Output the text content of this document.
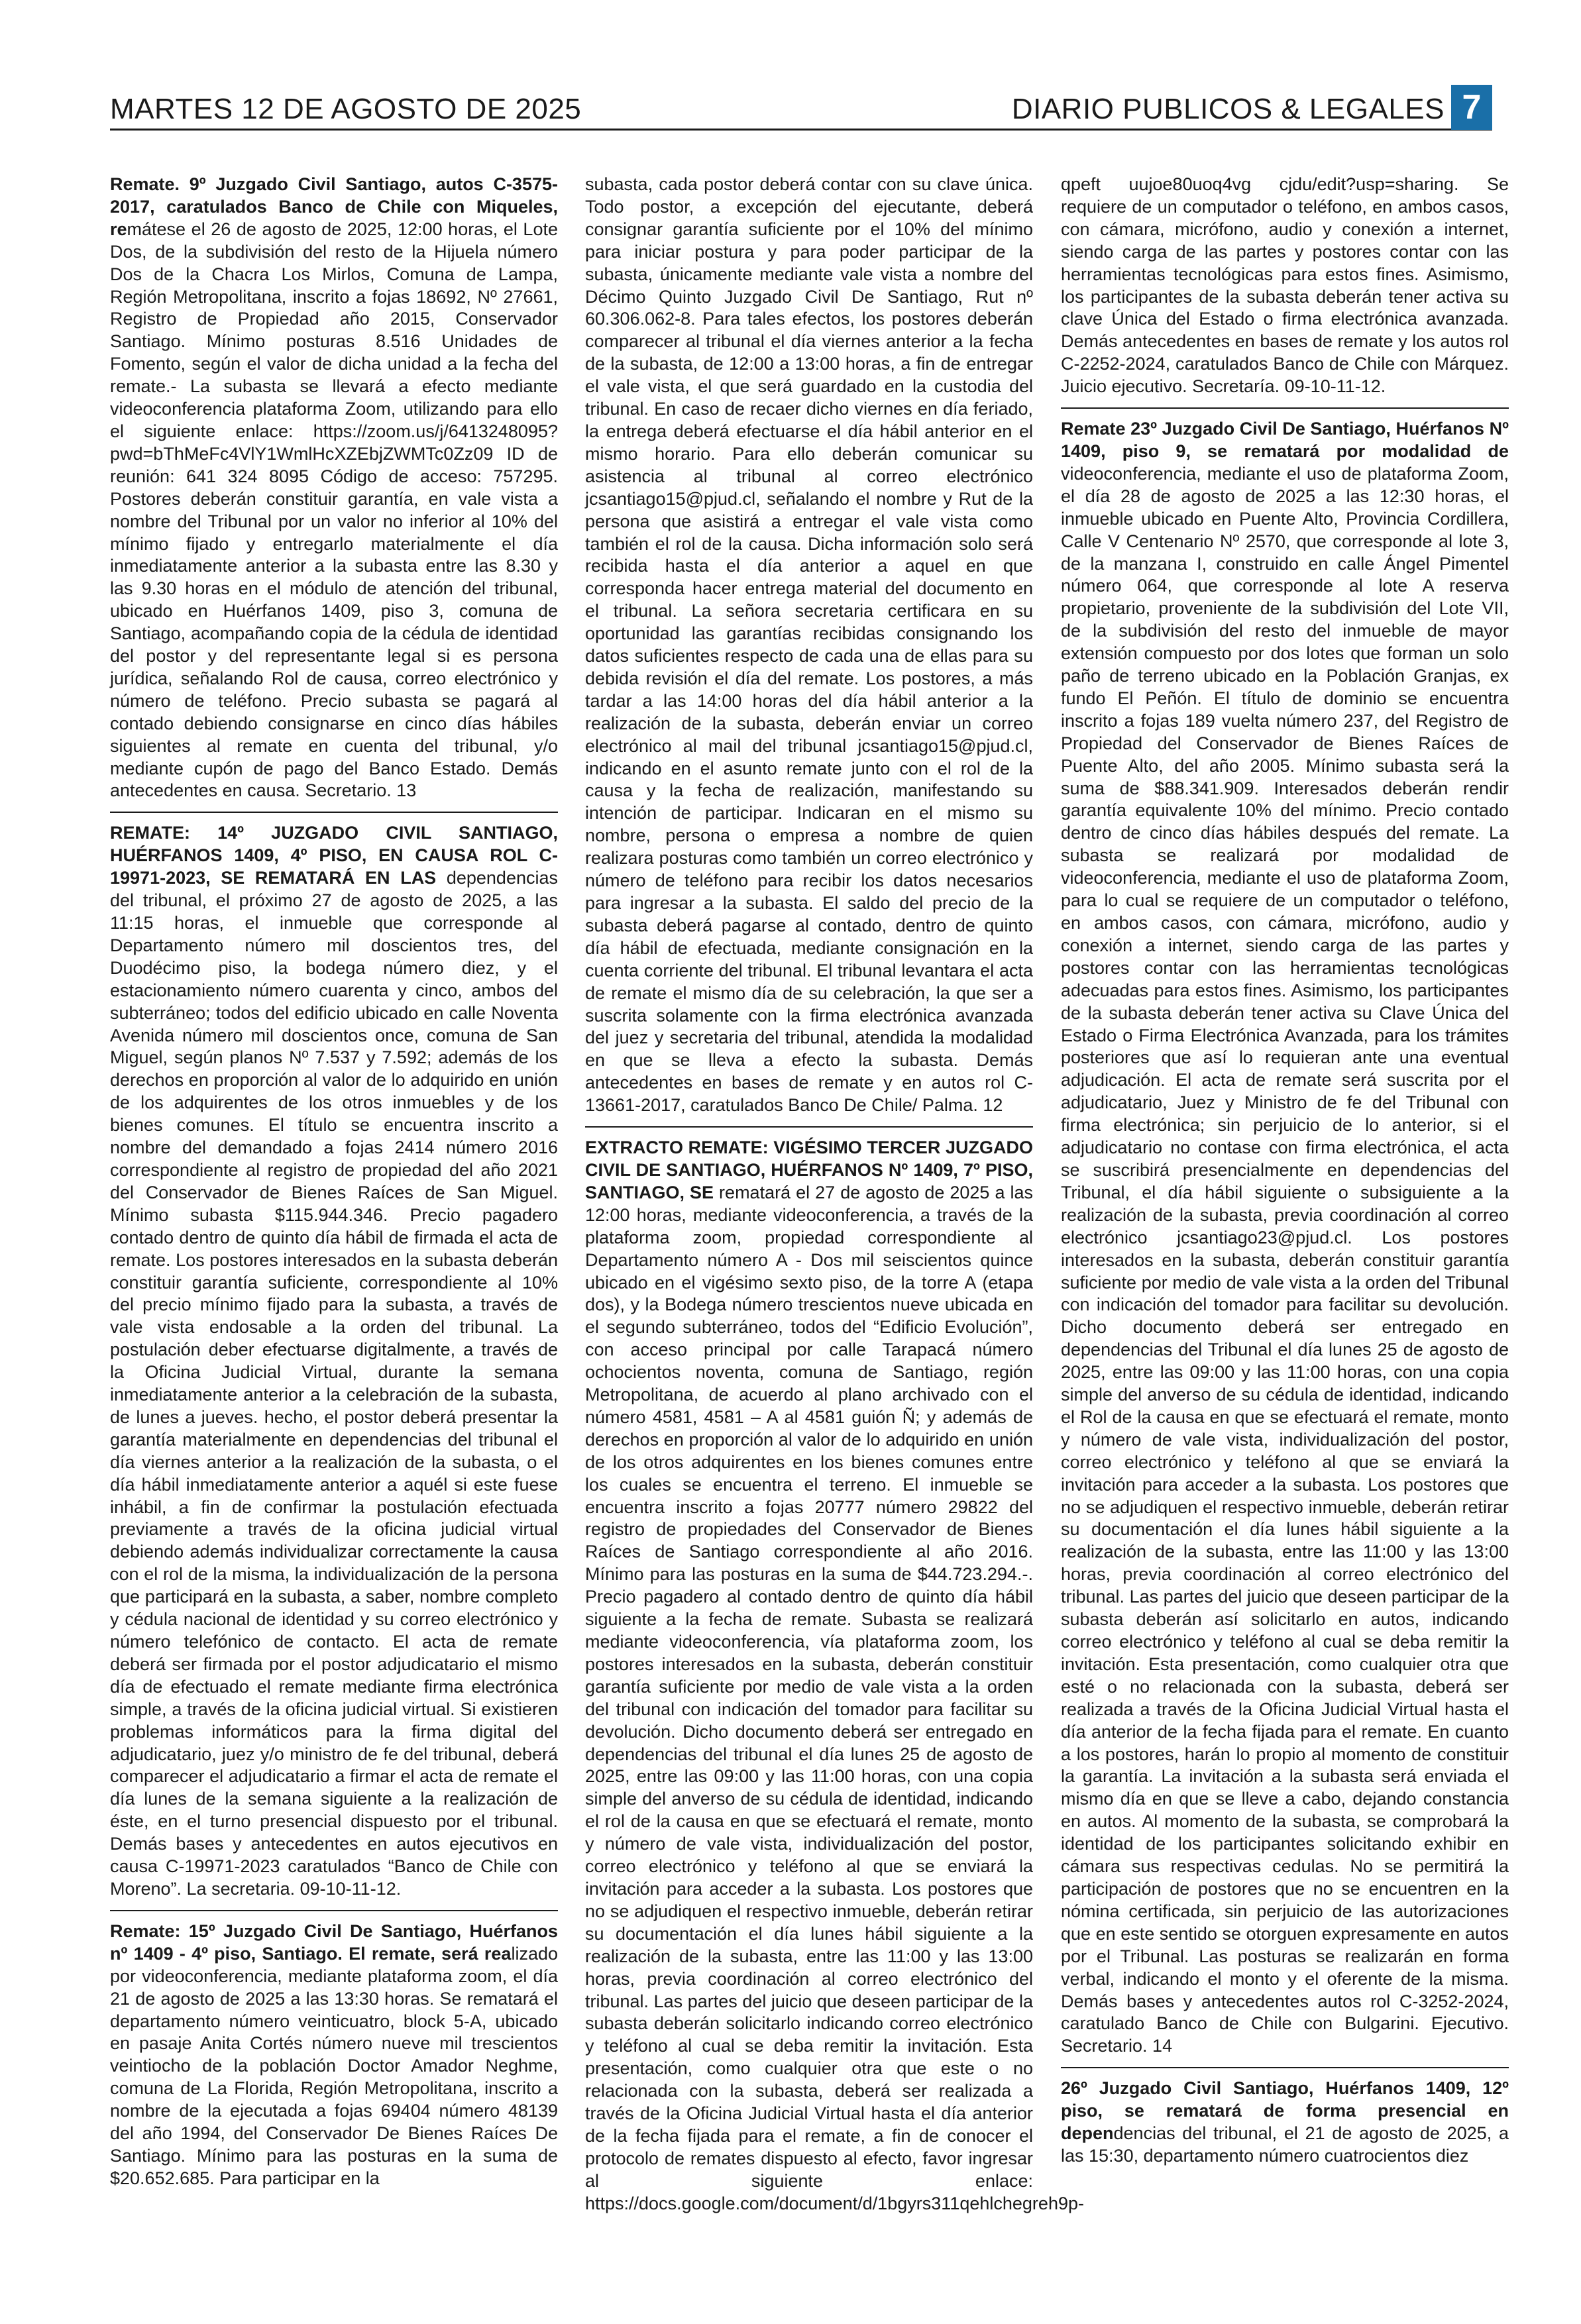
MARTES 12 DE AGOSTO DE 2025	DIARIO PUBLICOS & LEGALES 7

Remate. 9º Juzgado Civil Santiago, autos C-3575-2017, caratulados Banco de Chile con Miqueles, remátese el 26 de agosto de 2025, 12:00 horas, el Lote Dos, de la subdivisión del resto de la Hijuela número Dos de la Chacra Los Mirlos, Comuna de Lampa, Región Metropolitana, inscrito a fojas 18692, Nº 27661, Registro de Propiedad año 2015, Conservador Santiago. Mínimo posturas 8.516 Unidades de Fomento, según el valor de dicha unidad a la fecha del remate.- La subasta se llevará a efecto mediante videoconferencia plataforma Zoom, utilizando para ello el siguiente enlace: https://zoom.us/j/6413248095?pwd=bThMeFc4VlY1WmlHcXZEbjZWMTc0Zz09 ID de reunión: 641 324 8095 Código de acceso: 757295. Postores deberán constituir garantía, en vale vista a nombre del Tribunal por un valor no inferior al 10% del mínimo fijado y entregarlo materialmente el día inmediatamente anterior a la subasta entre las 8.30 y las 9.30 horas en el módulo de atención del tribunal, ubicado en Huérfanos 1409, piso 3, comuna de Santiago, acompañando copia de la cédula de identidad del postor y del representante legal si es persona jurídica, señalando Rol de causa, correo electrónico y número de teléfono. Precio subasta se pagará al contado debiendo consignarse en cinco días hábiles siguientes al remate en cuenta del tribunal, y/o mediante cupón de pago del Banco Estado. Demás antecedentes en causa. Secretario. 13

REMATE: 14º JUZGADO CIVIL SANTIAGO, HUÉRFANOS 1409, 4º PISO, EN CAUSA ROL C-19971-2023, SE REMATARÁ EN LAS dependencias del tribunal, el próximo 27 de agosto de 2025, a las 11:15 horas, el inmueble que corresponde al Departamento número mil doscientos tres, del Duodécimo piso, la bodega número diez, y el estacionamiento número cuarenta y cinco, ambos del subterráneo; todos del edificio ubicado en calle Noventa Avenida número mil doscientos once, comuna de San Miguel, según planos Nº 7.537 y 7.592; además de los derechos en proporción al valor de lo adquirido en unión de los adquirentes de los otros inmuebles y de los bienes comunes. El título se encuentra inscrito a nombre del demandado a fojas 2414 número 2016 correspondiente al registro de propiedad del año 2021 del Conservador de Bienes Raíces de San Miguel. Mínimo subasta $115.944.346. Precio pagadero contado dentro de quinto día hábil de firmada el acta de remate. Los postores interesados en la subasta deberán constituir garantía suficiente, correspondiente al 10% del precio mínimo fijado para la subasta, a través de vale vista endosable a la orden del tribunal. La postulación deber efectuarse digitalmente, a través de la Oficina Judicial Virtual, durante la semana inmediatamente anterior a la celebración de la subasta, de lunes a jueves. hecho, el postor deberá presentar la garantía materialmente en dependencias del tribunal el día viernes anterior a la realización de la subasta, o el día hábil inmediatamente anterior a aquél si este fuese inhábil, a fin de confirmar la postulación efectuada previamente a través de la oficina judicial virtual debiendo además individualizar correctamente la causa con el rol de la misma, la individualización de la persona que participará en la subasta, a saber, nombre completo y cédula nacional de identidad y su correo electrónico y número telefónico de contacto. El acta de remate deberá ser firmada por el postor adjudicatario el mismo día de efectuado el remate mediante firma electrónica simple, a través de la oficina judicial virtual. Si existieren problemas informáticos para la firma digital del adjudicatario, juez y/o ministro de fe del tribunal, deberá comparecer el adjudicatario a firmar el acta de remate el día lunes de la semana siguiente a la realización de éste, en el turno presencial dispuesto por el tribunal. Demás bases y antecedentes en autos ejecutivos en causa C-19971-2023 caratulados “Banco de Chile con Moreno”. La secretaria. 09-10-11-12.

Remate: 15º Juzgado Civil De Santiago, Huérfanos nº 1409 - 4º piso, Santiago. El remate, será realizado por videoconferencia, mediante plataforma zoom, el día 21 de agosto de 2025 a las 13:30 horas. Se rematará el departamento número veinticuatro, block 5-A, ubicado en pasaje Anita Cortés número nueve mil trescientos veintiocho de la población Doctor Amador Neghme, comuna de La Florida, Región Metropolitana, inscrito a nombre de la ejecutada a fojas 69404 número 48139 del año 1994, del Conservador De Bienes Raíces De Santiago. Mínimo para las posturas en la suma de $20.652.685. Para participar en la

subasta, cada postor deberá contar con su clave única. Todo postor, a excepción del ejecutante, deberá consignar garantía suficiente por el 10% del mínimo para iniciar postura y para poder participar de la subasta, únicamente mediante vale vista a nombre del Décimo Quinto Juzgado Civil De Santiago, Rut nº 60.306.062-8. Para tales efectos, los postores deberán comparecer al tribunal el día viernes anterior a la fecha de la subasta, de 12:00 a 13:00 horas, a fin de entregar el vale vista, el que será guardado en la custodia del tribunal. En caso de recaer dicho viernes en día feriado, la entrega deberá efectuarse el día hábil anterior en el mismo horario. Para ello deberán comunicar su asistencia al tribunal al correo electrónico jcsantiago15@pjud.cl, señalando el nombre y Rut de la persona que asistirá a entregar el vale vista como también el rol de la causa. Dicha información solo será recibida hasta el día anterior a aquel en que corresponda hacer entrega material del documento en el tribunal. La señora secretaria certificara en su oportunidad las garantías recibidas consignando los datos suficientes respecto de cada una de ellas para su debida revisión el día del remate. Los postores, a más tardar a las 14:00 horas del día hábil anterior a la realización de la subasta, deberán enviar un correo electrónico al mail del tribunal jcsantiago15@pjud.cl, indicando en el asunto remate junto con el rol de la causa y la fecha de realización, manifestando su intención de participar. Indicaran en el mismo su nombre, persona o empresa a nombre de quien realizara posturas como también un correo electrónico y número de teléfono para recibir los datos necesarios para ingresar a la subasta. El saldo del precio de la subasta deberá pagarse al contado, dentro de quinto día hábil de efectuada, mediante consignación en la cuenta corriente del tribunal. El tribunal levantara el acta de remate el mismo día de su celebración, la que ser a suscrita solamente con la firma electrónica avanzada del juez y secretaria del tribunal, atendida la modalidad en que se lleva a efecto la subasta. Demás antecedentes en bases de remate y en autos rol C-13661-2017, caratulados Banco De Chile/ Palma. 12

EXTRACTO REMATE: VIGÉSIMO TERCER JUZGADO CIVIL DE SANTIAGO, HUÉRFANOS Nº 1409, 7º PISO, SANTIAGO, SE rematará el 27 de agosto de 2025 a las 12:00 horas, mediante videoconferencia, a través de la plataforma zoom, propiedad correspondiente al Departamento número A - Dos mil seiscientos quince ubicado en el vigésimo sexto piso, de la torre A (etapa dos), y la Bodega número trescientos nueve ubicada en el segundo subterráneo, todos del “Edificio Evolución”, con acceso principal por calle Tarapacá número ochocientos noventa, comuna de Santiago, región Metropolitana, de acuerdo al plano archivado con el número 4581, 4581 – A al 4581 guión Ñ; y además de derechos en proporción al valor de lo adquirido en unión de los otros adquirentes en los bienes comunes entre los cuales se encuentra el terreno. El inmueble se encuentra inscrito a fojas 20777 número 29822 del registro de propiedades del Conservador de Bienes Raíces de Santiago correspondiente al año 2016. Mínimo para las posturas en la suma de $44.723.294.-. Precio pagadero al contado dentro de quinto día hábil siguiente a la fecha de remate. Subasta se realizará mediante videoconferencia, vía plataforma zoom, los postores interesados en la subasta, deberán constituir garantía suficiente por medio de vale vista a la orden del tribunal con indicación del tomador para facilitar su devolución. Dicho documento deberá ser entregado en dependencias del tribunal el día lunes 25 de agosto de 2025, entre las 09:00 y las 11:00 horas, con una copia simple del anverso de su cédula de identidad, indicando el rol de la causa en que se efectuará el remate, monto y número de vale vista, individualización del postor, correo electrónico y teléfono al que se enviará la invitación para acceder a la subasta. Los postores que no se adjudiquen el respectivo inmueble, deberán retirar su documentación el día lunes hábil siguiente a la realización de la subasta, entre las 11:00 y las 13:00 horas, previa coordinación al correo electrónico del tribunal. Las partes del juicio que deseen participar de la subasta deberán solicitarlo indicando correo electrónico y teléfono al cual se deba remitir la invitación. Esta presentación, como cualquier otra que este o no relacionada con la subasta, deberá ser realizada a través de la Oficina Judicial Virtual hasta el día anterior de la fecha fijada para el remate, a fin de conocer el protocolo de remates dispuesto al efecto, favor ingresar al siguiente enlace: https://docs.google.com/document/d/1bgyrs311qehlchegreh9p-

qpeft uujoe80uoq4vg cjdu/edit?usp=sharing. Se requiere de un computador o teléfono, en ambos casos, con cámara, micrófono, audio y conexión a internet, siendo carga de las partes y postores contar con las herramientas tecnológicas para estos fines. Asimismo, los participantes de la subasta deberán tener activa su clave Única del Estado o firma electrónica avanzada. Demás antecedentes en bases de remate y los autos rol C-2252-2024, caratulados Banco de Chile con Márquez. Juicio ejecutivo. Secretaría. 09-10-11-12.

Remate 23º Juzgado Civil De Santiago, Huérfanos Nº 1409, piso 9, se rematará por modalidad de videoconferencia, mediante el uso de plataforma Zoom, el día 28 de agosto de 2025 a las 12:30 horas, el inmueble ubicado en Puente Alto, Provincia Cordillera, Calle V Centenario Nº 2570, que corresponde al lote 3, de la manzana I, construido en calle Ángel Pimentel número 064, que corresponde al lote A reserva propietario, proveniente de la subdivisión del Lote VII, de la subdivisión del resto del inmueble de mayor extensión compuesto por dos lotes que forman un solo paño de terreno ubicado en la Población Granjas, ex fundo El Peñón. El título de dominio se encuentra inscrito a fojas 189 vuelta número 237, del Registro de Propiedad del Conservador de Bienes Raíces de Puente Alto, del año 2005. Mínimo subasta será la suma de $88.341.909. Interesados deberán rendir garantía equivalente 10% del mínimo. Precio contado dentro de cinco días hábiles después del remate. La subasta se realizará por modalidad de videoconferencia, mediante el uso de plataforma Zoom, para lo cual se requiere de un computador o teléfono, en ambos casos, con cámara, micrófono, audio y conexión a internet, siendo carga de las partes y postores contar con las herramientas tecnológicas adecuadas para estos fines. Asimismo, los participantes de la subasta deberán tener activa su Clave Única del Estado o Firma Electrónica Avanzada, para los trámites posteriores que así lo requieran ante una eventual adjudicación. El acta de remate será suscrita por el adjudicatario, Juez y Ministro de fe del Tribunal con firma electrónica; sin perjuicio de lo anterior, si el adjudicatario no contase con firma electrónica, el acta se suscribirá presencialmente en dependencias del Tribunal, el día hábil siguiente o subsiguiente a la realización de la subasta, previa coordinación al correo electrónico jcsantiago23@pjud.cl. Los postores interesados en la subasta, deberán constituir garantía suficiente por medio de vale vista a la orden del Tribunal con indicación del tomador para facilitar su devolución. Dicho documento deberá ser entregado en dependencias del Tribunal el día lunes 25 de agosto de 2025, entre las 09:00 y las 11:00 horas, con una copia simple del anverso de su cédula de identidad, indicando el Rol de la causa en que se efectuará el remate, monto y número de vale vista, individualización del postor, correo electrónico y teléfono al que se enviará la invitación para acceder a la subasta. Los postores que no se adjudiquen el respectivo inmueble, deberán retirar su documentación el día lunes hábil siguiente a la realización de la subasta, entre las 11:00 y las 13:00 horas, previa coordinación al correo electrónico del tribunal. Las partes del juicio que deseen participar de la subasta deberán así solicitarlo en autos, indicando correo electrónico y teléfono al cual se deba remitir la invitación. Esta presentación, como cualquier otra que esté o no relacionada con la subasta, deberá ser realizada a través de la Oficina Judicial Virtual hasta el día anterior de la fecha fijada para el remate. En cuanto a los postores, harán lo propio al momento de constituir la garantía. La invitación a la subasta será enviada el mismo día en que se lleve a cabo, dejando constancia en autos. Al momento de la subasta, se comprobará la identidad de los participantes solicitando exhibir en cámara sus respectivas cedulas. No se permitirá la participación de postores que no se encuentren en la nómina certificada, sin perjuicio de las autorizaciones que en este sentido se otorguen expresamente en autos por el Tribunal. Las posturas se realizarán en forma verbal, indicando el monto y el oferente de la misma. Demás bases y antecedentes autos rol C-3252-2024, caratulado Banco de Chile con Bulgarini. Ejecutivo. Secretario. 14

26º Juzgado Civil Santiago, Huérfanos 1409, 12º piso, se rematará de forma presencial en dependencias del tribunal, el 21 de agosto de 2025, a las 15:30, departamento número cuatrocientos diez
